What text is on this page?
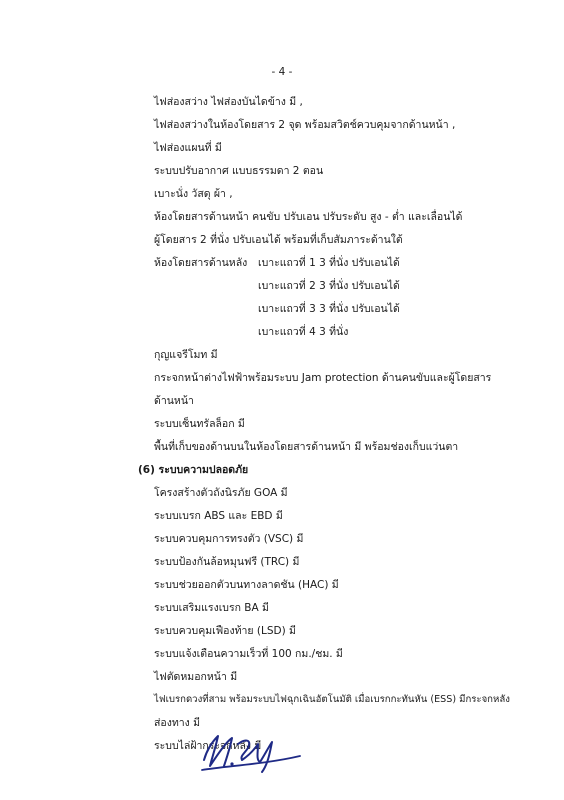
- 4 -
ไฟส่องสว่าง ไฟส่องบันไดข้าง มี ,
ไฟส่องสว่างในห้องโดยสาร 2 จุด พร้อมสวิตช์ควบคุมจากด้านหน้า ,
ไฟส่องแผนที่ มี
ระบบปรับอากาศ แบบธรรมดา 2 ตอน
เบาะนั่ง วัสดุ ผ้า ,
ห้องโดยสารด้านหน้า คนขับ ปรับเอน ปรับระดับ สูง - ต่ำ และเลื่อนได้
ผู้โดยสาร 2 ที่นั่ง ปรับเอนได้ พร้อมที่เก็บสัมภาระด้านใต้
ห้องโดยสารด้านหลัง เบาะแถวที่ 1 3 ที่นั่ง ปรับเอนได้
เบาะแถวที่ 2 3 ที่นั่ง ปรับเอนได้
เบาะแถวที่ 3 3 ที่นั่ง ปรับเอนได้
เบาะแถวที่ 4 3 ที่นั่ง
กุญแจรีโมท มี
กระจกหน้าต่างไฟฟ้าพร้อมระบบ Jam protection ด้านคนขับและผู้โดยสาร
ด้านหน้า
ระบบเซ็นทรัลล็อก มี
พื้นที่เก็บของด้านบนในห้องโดยสารด้านหน้า มี พร้อมช่องเก็บแว่นตา
(6) ระบบความปลอดภัย
โครงสร้างตัวถังนิรภัย GOA มี
ระบบเบรก ABS และ EBD มี
ระบบควบคุมการทรงตัว (VSC) มี
ระบบป้องกันล้อหมุนฟรี (TRC) มี
ระบบช่วยออกตัวบนทางลาดชัน (HAC) มี
ระบบเสริมแรงเบรก BA มี
ระบบควบคุมเฟืองท้าย (LSD) มี
ระบบแจ้งเตือนความเร็วที่ 100 กม./ชม. มี
ไฟตัดหมอกหน้า มี
ไฟเบรกดวงที่สาม พร้อมระบบไฟฉุกเฉินอัตโนมัติ เมื่อเบรกกะทันหัน (ESS) มีกระจกหลัง
ส่องทาง มี
ระบบไล่ฝ้ากระจกหลัง มี
